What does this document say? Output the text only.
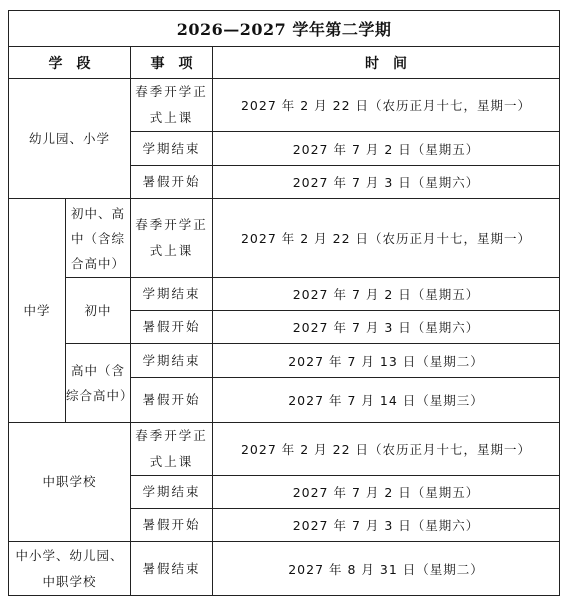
2026—2027 学年第二学期			
学段		事项	时间
幼儿园、小学		春季开学正式上课	2027 年 2 月 22 日（农历正月十七，星期一）
		学期结束	2027 年 7 月 2 日（星期五）
		暑假开始	2027 年 7 月 3 日（星期六）
中学	初中、高中（含综合高中）	春季开学正式上课	2027 年 2 月 22 日（农历正月十七，星期一）
	初中	学期结束	2027 年 7 月 2 日（星期五）
		暑假开始	2027 年 7 月 3 日（星期六）
	高中（含综合高中）	学期结束	2027 年 7 月 13 日（星期二）
		暑假开始	2027 年 7 月 14 日（星期三）
中职学校		春季开学正式上课	2027 年 2 月 22 日（农历正月十七，星期一）
		学期结束	2027 年 7 月 2 日（星期五）
		暑假开始	2027 年 7 月 3 日（星期六）
中小学、幼儿园、中职学校		暑假结束	2027 年 8 月 31 日（星期二）
